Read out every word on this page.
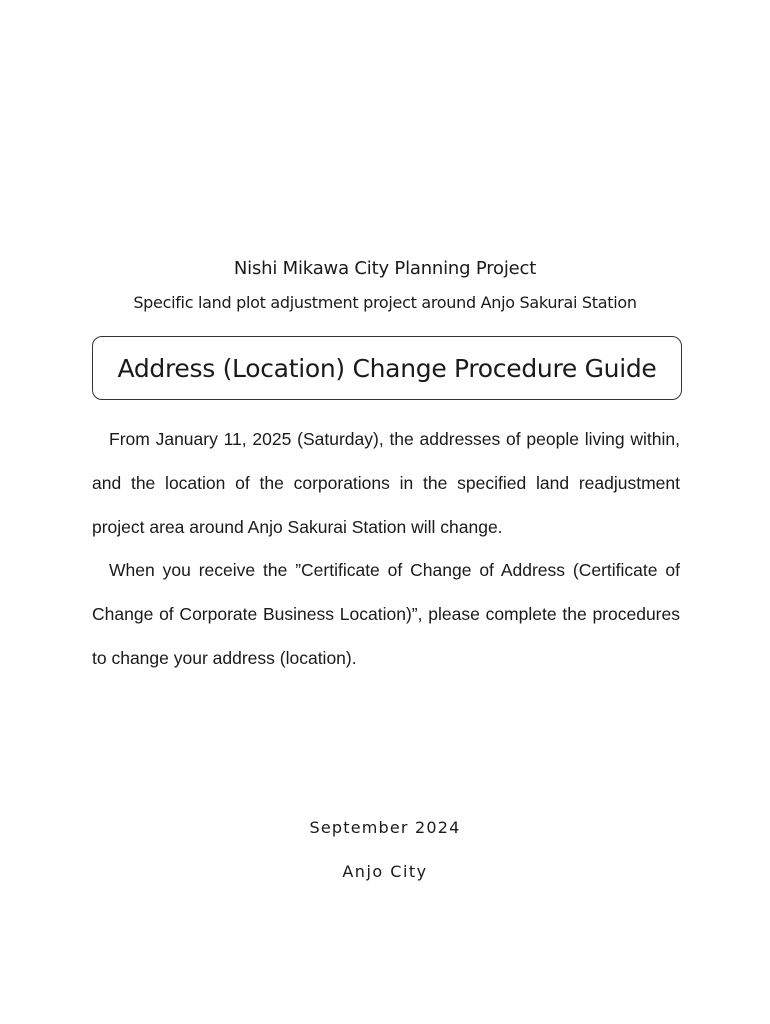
Nishi Mikawa City Planning Project
Specific land plot adjustment project around Anjo Sakurai Station
Address (Location) Change Procedure Guide

From January 11, 2025 (Saturday), the addresses of people living within, and the location of the corporations in the specified land readjustment project area around Anjo Sakurai Station will change.

When you receive the ”Certificate of Change of Address (Certificate of Change of Corporate Business Location)”, please complete the procedures to change your address (location).

September 2024
Anjo City
